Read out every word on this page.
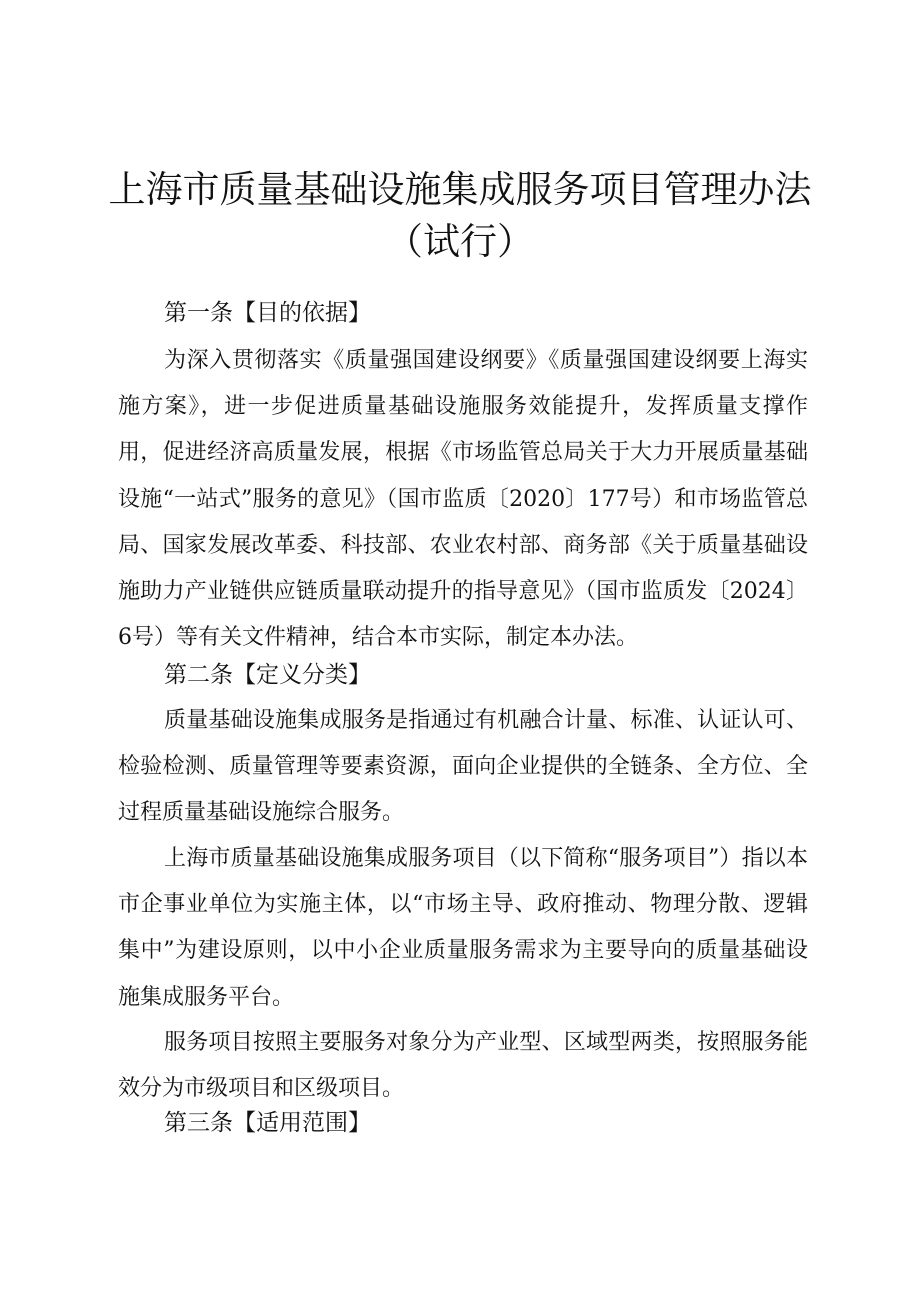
上海市质量基础设施集成服务项目管理办法
（试行）
第一条【目的依据】

为深入贯彻落实《质量强国建设纲要》《质量强国建设纲要上海实施方案》，进一步促进质量基础设施服务效能提升，发挥质量支撑作用，促进经济高质量发展，根据《市场监管总局关于大力开展质量基础设施“一站式”服务的意见》（国市监质〔2020〕177号）和市场监管总局、国家发展改革委、科技部、农业农村部、商务部《关于质量基础设施助力产业链供应链质量联动提升的指导意见》（国市监质发〔2024〕6号）等有关文件精神，结合本市实际，制定本办法。

第二条【定义分类】

质量基础设施集成服务是指通过有机融合计量、标准、认证认可、检验检测、质量管理等要素资源，面向企业提供的全链条、全方位、全过程质量基础设施综合服务。

上海市质量基础设施集成服务项目（以下简称“服务项目”）指以本市企事业单位为实施主体，以“市场主导、政府推动、物理分散、逻辑集中”为建设原则，以中小企业质量服务需求为主要导向的质量基础设施集成服务平台。

服务项目按照主要服务对象分为产业型、区域型两类，按照服务能效分为市级项目和区级项目。

第三条【适用范围】
